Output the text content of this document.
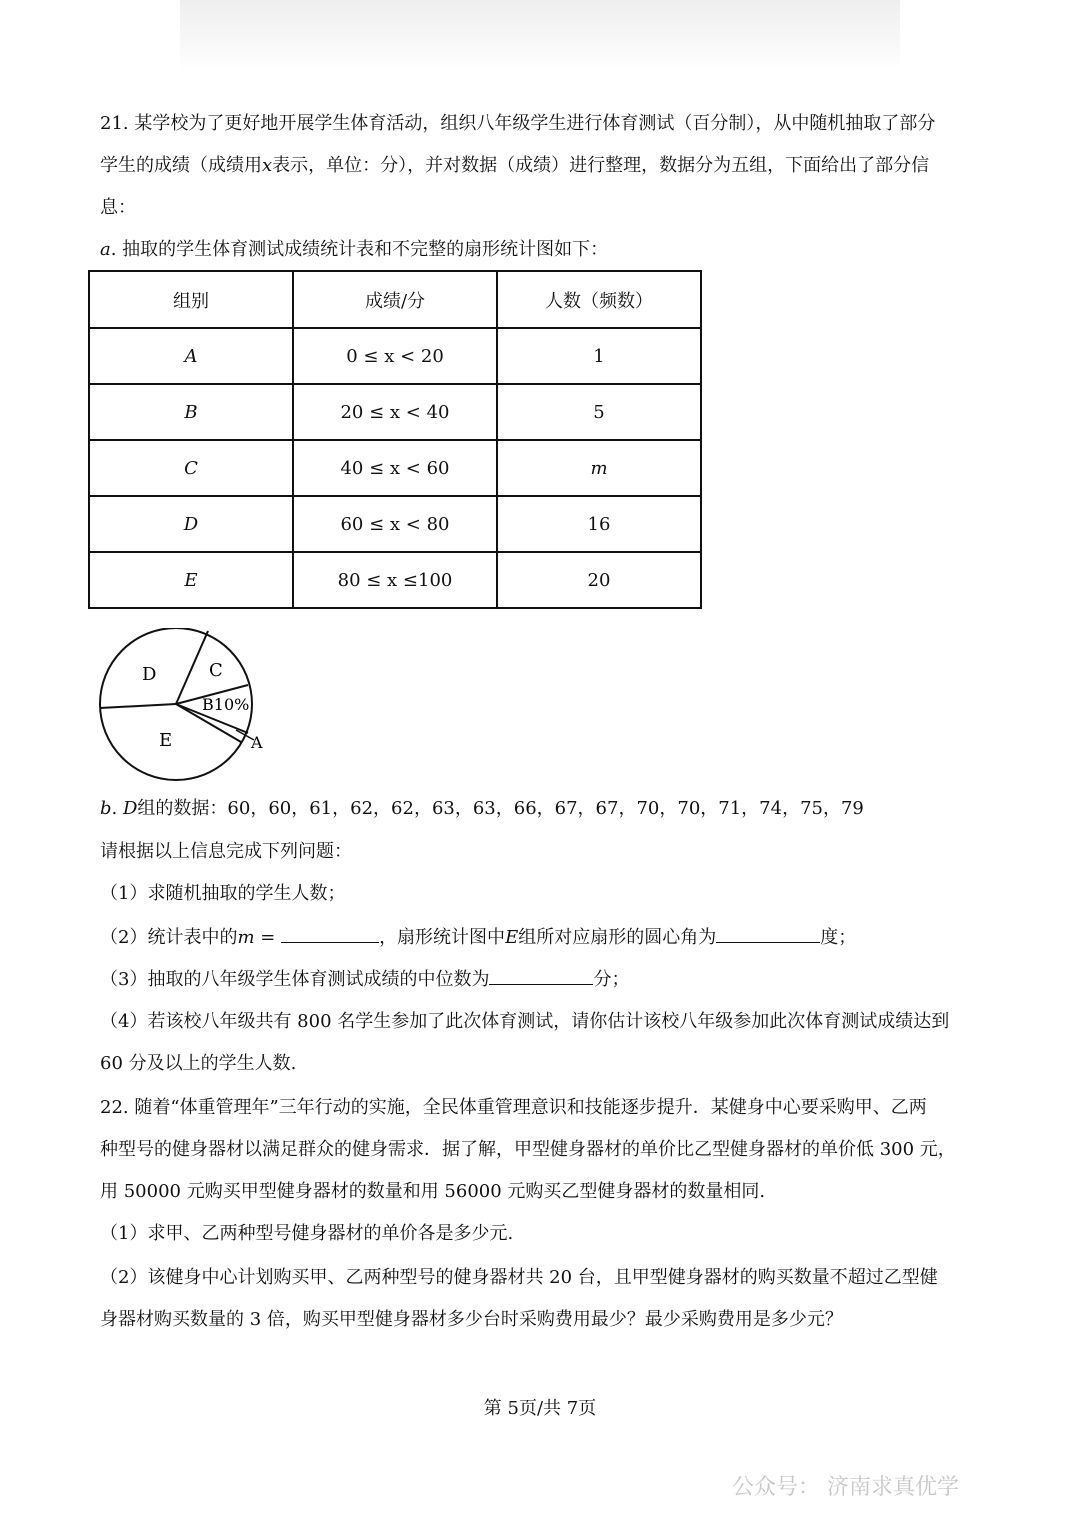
21. 某学校为了更好地开展学生体育活动，组织八年级学生进行体育测试（百分制），从中随机抽取了部分
学生的成绩（成绩用x表示，单位：分），并对数据（成绩）进行整理，数据分为五组，下面给出了部分信
息：
a. 抽取的学生体育测试成绩统计表和不完整的扇形统计图如下：
组别	成绩/分	人数（频数）
A	0 ≤ x < 20	1
B	20 ≤ x < 40	5
C	40 ≤ x < 60	m
D	60 ≤ x < 80	16
E	80 ≤ x ≤100	20
D	C
B10%
E	A
b. D组的数据：60，60，61，62，62，63，63，66，67，67，70，70，71，74，75，79
请根据以上信息完成下列问题：
（1）求随机抽取的学生人数；
（2）统计表中的m =	，扇形统计图中E组所对应扇形的圆心角为	度；
（3）抽取的八年级学生体育测试成绩的中位数为	分；
（4）若该校八年级共有 800 名学生参加了此次体育测试，请你估计该校八年级参加此次体育测试成绩达到
60 分及以上的学生人数.
22. 随着“体重管理年”三年行动的实施，全民体重管理意识和技能逐步提升．某健身中心要采购甲、乙两
种型号的健身器材以满足群众的健身需求．据了解，甲型健身器材的单价比乙型健身器材的单价低 300 元，
用 50000 元购买甲型健身器材的数量和用 56000 元购买乙型健身器材的数量相同.
（1）求甲、乙两种型号健身器材的单价各是多少元.
（2）该健身中心计划购买甲、乙两种型号的健身器材共 20 台，且甲型健身器材的购买数量不超过乙型健
身器材购买数量的 3 倍，购买甲型健身器材多少台时采购费用最少？最少采购费用是多少元？
第 5页/共 7页
公众号： 济南求真优学
